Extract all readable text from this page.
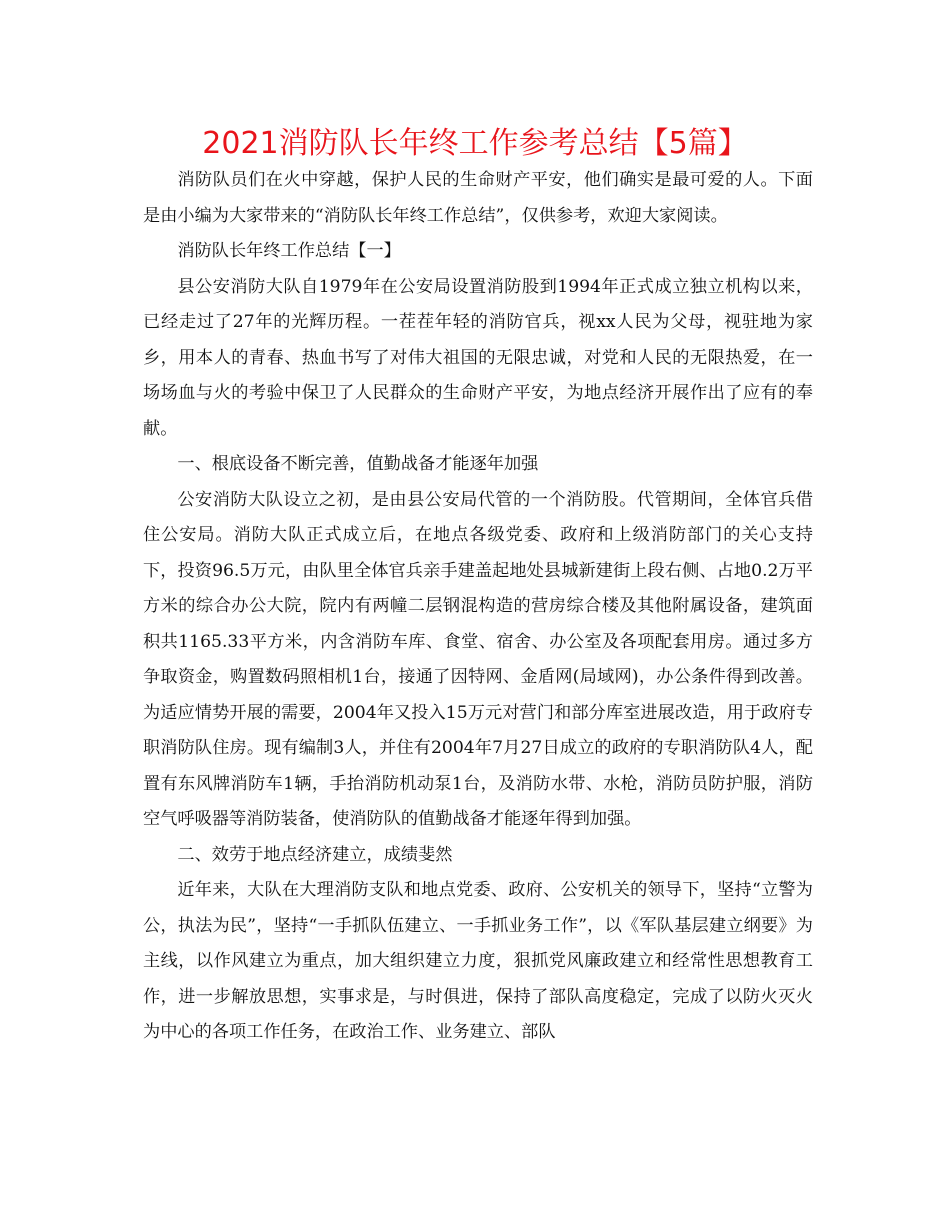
2021消防队长年终工作参考总结【5篇】

消防队员们在火中穿越，保护人民的生命财产平安，他们确实是最可爱的人。下面是由小编为大家带来的“消防队长年终工作总结”，仅供参考，欢迎大家阅读。

消防队长年终工作总结【一】

县公安消防大队自1979年在公安局设置消防股到1994年正式成立独立机构以来，已经走过了27年的光辉历程。一茬茬年轻的消防官兵，视xx人民为父母，视驻地为家乡，用本人的青春、热血书写了对伟大祖国的无限忠诚，对党和人民的无限热爱，在一场场血与火的考验中保卫了人民群众的生命财产平安，为地点经济开展作出了应有的奉献。

一、根底设备不断完善，值勤战备才能逐年加强

公安消防大队设立之初，是由县公安局代管的一个消防股。代管期间，全体官兵借住公安局。消防大队正式成立后，在地点各级党委、政府和上级消防部门的关心支持下，投资96.5万元，由队里全体官兵亲手建盖起地处县城新建街上段右侧、占地0.2万平方米的综合办公大院，院内有两幢二层钢混构造的营房综合楼及其他附属设备，建筑面积共1165.33平方米，内含消防车库、食堂、宿舍、办公室及各项配套用房。通过多方争取资金，购置数码照相机1台，接通了因特网、金盾网(局域网)，办公条件得到改善。为适应情势开展的需要，2004年又投入15万元对营门和部分库室进展改造，用于政府专职消防队住房。现有编制3人，并住有2004年7月27日成立的政府的专职消防队4人，配置有东风牌消防车1辆，手抬消防机动泵1台，及消防水带、水枪，消防员防护服，消防空气呼吸器等消防装备，使消防队的值勤战备才能逐年得到加强。

二、效劳于地点经济建立，成绩斐然

近年来，大队在大理消防支队和地点党委、政府、公安机关的领导下，坚持“立警为公，执法为民”，坚持“一手抓队伍建立、一手抓业务工作”，以《军队基层建立纲要》为主线，以作风建立为重点，加大组织建立力度，狠抓党风廉政建立和经常性思想教育工作，进一步解放思想，实事求是，与时俱进，保持了部队高度稳定，完成了以防火灭火为中心的各项工作任务，在政治工作、业务建立、部队
